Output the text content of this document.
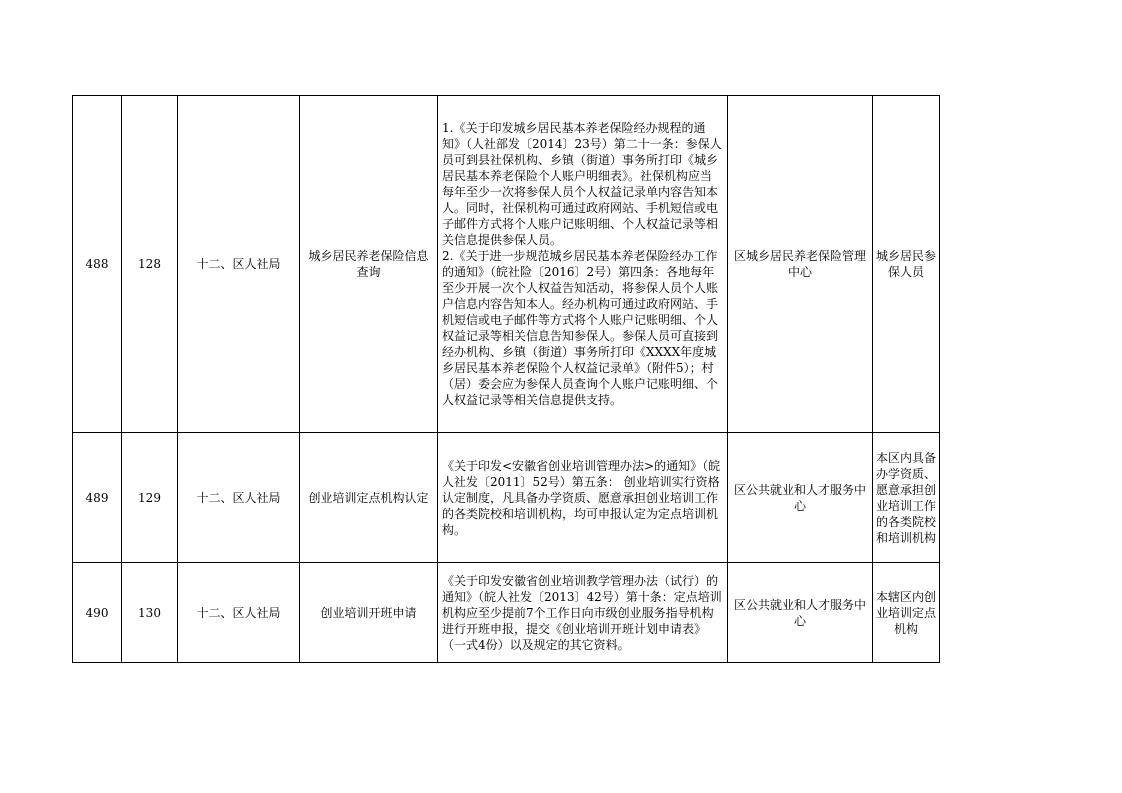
488	128	十二、区人社局	城乡居民养老保险信息查询	1.《关于印发城乡居民基本养老保险经办规程的通知》（人社部发〔2014〕23号）第二十一条：参保人员可到县社保机构、乡镇（街道）事务所打印《城乡居民基本养老保险个人账户明细表》。社保机构应当每年至少一次将参保人员个人权益记录单内容告知本人。同时，社保机构可通过政府网站、手机短信或电子邮件方式将个人账户记账明细、个人权益记录等相关信息提供参保人员。

2.《关于进一步规范城乡居民基本养老保险经办工作的通知》（皖社险〔2016〕2号）第四条：各地每年至少开展一次个人权益告知活动，将参保人员个人账户信息内容告知本人。经办机构可通过政府网站、手机短信或电子邮件等方式将个人账户记账明细、个人权益记录等相关信息告知参保人。参保人员可直接到经办机构、乡镇（街道）事务所打印《XXXX年度城乡居民基本养老保险个人权益记录单》（附件5）；村（居）委会应为参保人员查询个人账户记账明细、个人权益记录等相关信息提供支持。	区城乡居民养老保险管理中心	城乡居民参保人员
489	129	十二、区人社局	创业培训定点机构认定	《关于印发<安徽省创业培训管理办法>的通知》（皖人社发〔2011〕52号）第五条： 创业培训实行资格认定制度，凡具备办学资质、愿意承担创业培训工作的各类院校和培训机构，均可申报认定为定点培训机构。	区公共就业和人才服务中心	本区内具备办学资质、愿意承担创业培训工作的各类院校和培训机构
490	130	十二、区人社局	创业培训开班申请	《关于印发安徽省创业培训教学管理办法（试行）的通知》（皖人社发〔2013〕42号）第十条：定点培训机构应至少提前7个工作日向市级创业服务指导机构进行开班申报，提交《创业培训开班计划申请表》（一式4份）以及规定的其它资料。	区公共就业和人才服务中心	本辖区内创业培训定点机构
